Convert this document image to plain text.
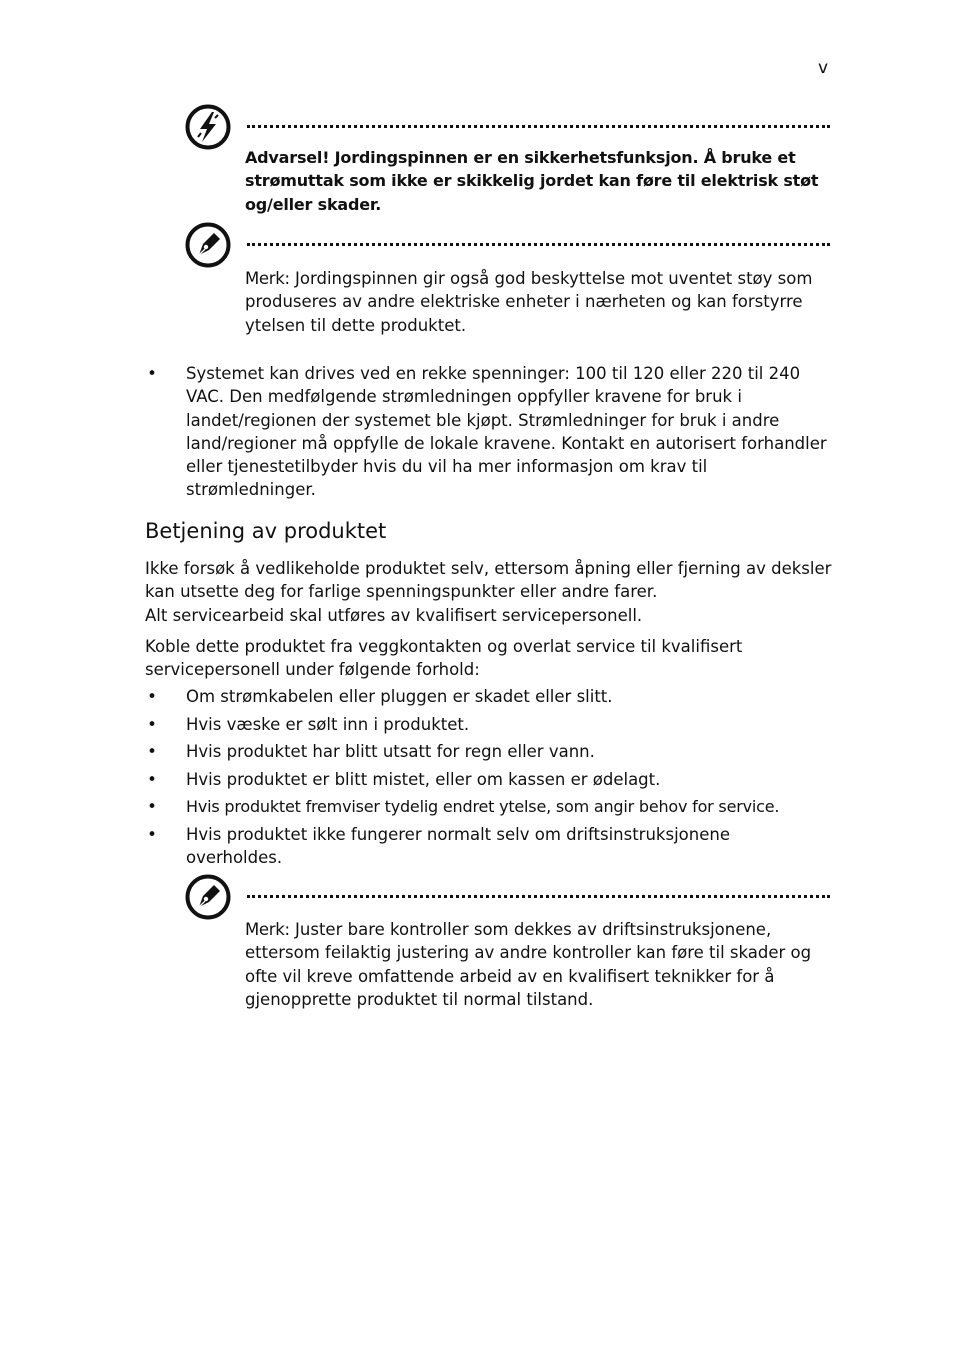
v
Advarsel! Jordingspinnen er en sikkerhetsfunksjon. Å bruke et strømuttak som ikke er skikkelig jordet kan føre til elektrisk støt og/eller skader.
Merk: Jordingspinnen gir også god beskyttelse mot uventet støy som produseres av andre elektriske enheter i nærheten og kan forstyrre ytelsen til dette produktet.
• Systemet kan drives ved en rekke spenninger: 100 til 120 eller 220 til 240 VAC. Den medfølgende strømledningen oppfyller kravene for bruk i landet/regionen der systemet ble kjøpt. Strømledninger for bruk i andre land/regioner må oppfylle de lokale kravene. Kontakt en autorisert forhandler eller tjenestetilbyder hvis du vil ha mer informasjon om krav til strømledninger.
Betjening av produktet
Ikke forsøk å vedlikeholde produktet selv, ettersom åpning eller fjerning av deksler kan utsette deg for farlige spenningspunkter eller andre farer.
Alt servicearbeid skal utføres av kvalifisert servicepersonell.
Koble dette produktet fra veggkontakten og overlat service til kvalifisert servicepersonell under følgende forhold:
• Om strømkabelen eller pluggen er skadet eller slitt.
• Hvis væske er sølt inn i produktet.
• Hvis produktet har blitt utsatt for regn eller vann.
• Hvis produktet er blitt mistet, eller om kassen er ødelagt.
• Hvis produktet fremviser tydelig endret ytelse, som angir behov for service.
• Hvis produktet ikke fungerer normalt selv om driftsinstruksjonene overholdes.
Merk: Juster bare kontroller som dekkes av driftsinstruksjonene, ettersom feilaktig justering av andre kontroller kan føre til skader og ofte vil kreve omfattende arbeid av en kvalifisert teknikker for å gjenopprette produktet til normal tilstand.
